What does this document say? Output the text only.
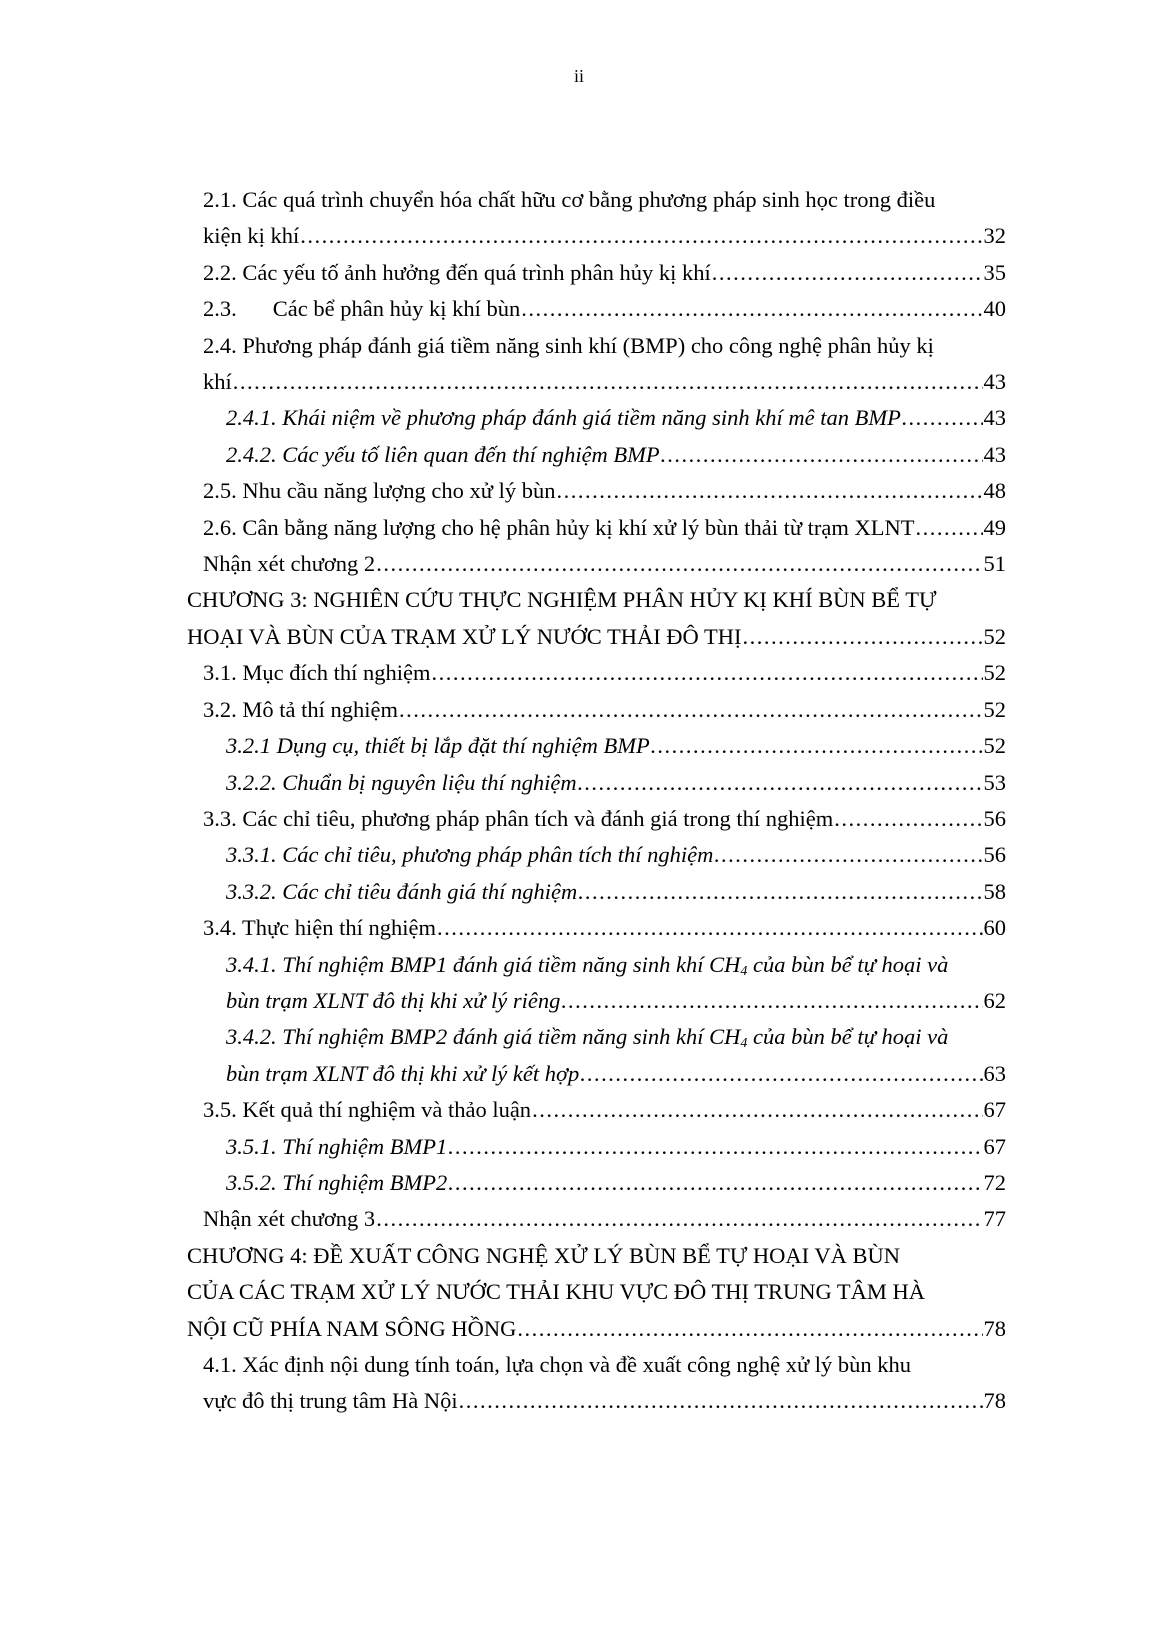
ii
2.1. Các quá trình chuyển hóa chất hữu cơ bằng phương pháp sinh học trong điều
kiện kị khí .....	32
2.2. Các yếu tố ảnh hưởng đến quá trình phân hủy kị khí .....	35
2.3. Các bể phân hủy kị khí bùn .....	40
2.4. Phương pháp đánh giá tiềm năng sinh khí (BMP) cho công nghệ phân hủy kị
khí .....	43
2.4.1. Khái niệm về phương pháp đánh giá tiềm năng sinh khí mê tan BMP .....	43
2.4.2. Các yếu tố liên quan đến thí nghiệm BMP .....	43
2.5. Nhu cầu năng lượng cho xử lý bùn .....	48
2.6. Cân bằng năng lượng cho hệ phân hủy kị khí xử lý bùn thải từ trạm XLNT .....	49
Nhận xét chương 2 .....	51
CHƯƠNG 3: NGHIÊN CỨU THỰC NGHIỆM PHÂN HỦY KỊ KHÍ BÙN BỂ TỰ
HOẠI VÀ BÙN CỦA TRẠM XỬ LÝ NƯỚC THẢI ĐÔ THỊ .....	52
3.1. Mục đích thí nghiệm .....	52
3.2. Mô tả thí nghiệm .....	52
3.2.1 Dụng cụ, thiết bị lắp đặt thí nghiệm BMP .....	52
3.2.2. Chuẩn bị nguyên liệu thí nghiệm .....	53
3.3. Các chỉ tiêu, phương pháp phân tích và đánh giá trong thí nghiệm .....	56
3.3.1. Các chỉ tiêu, phương pháp phân tích thí nghiệm .....	56
3.3.2. Các chỉ tiêu đánh giá thí nghiệm .....	58
3.4. Thực hiện thí nghiệm .....	60
3.4.1. Thí nghiệm BMP1 đánh giá tiềm năng sinh khí $CH_4$ của bùn bể tự hoại và
bùn trạm XLNT đô thị khi xử lý riêng .....	62
3.4.2. Thí nghiệm BMP2 đánh giá tiềm năng sinh khí $CH_4$ của bùn bể tự hoại và
bùn trạm XLNT đô thị khi xử lý kết hợp .....	63
3.5. Kết quả thí nghiệm và thảo luận .....	67
3.5.1. Thí nghiệm BMP1 .....	67
3.5.2. Thí nghiệm BMP2 .....	72
Nhận xét chương 3 .....	77
CHƯƠNG 4: ĐỀ XUẤT CÔNG NGHỆ XỬ LÝ BÙN BỂ TỰ HOẠI VÀ BÙN
CỦA CÁC TRẠM XỬ LÝ NƯỚC THẢI KHU VỰC ĐÔ THỊ TRUNG TÂM HÀ
NỘI CŨ PHÍA NAM SÔNG HỒNG .....	78
4.1. Xác định nội dung tính toán, lựa chọn và đề xuất công nghệ xử lý bùn khu
vực đô thị trung tâm Hà Nội .....	78
